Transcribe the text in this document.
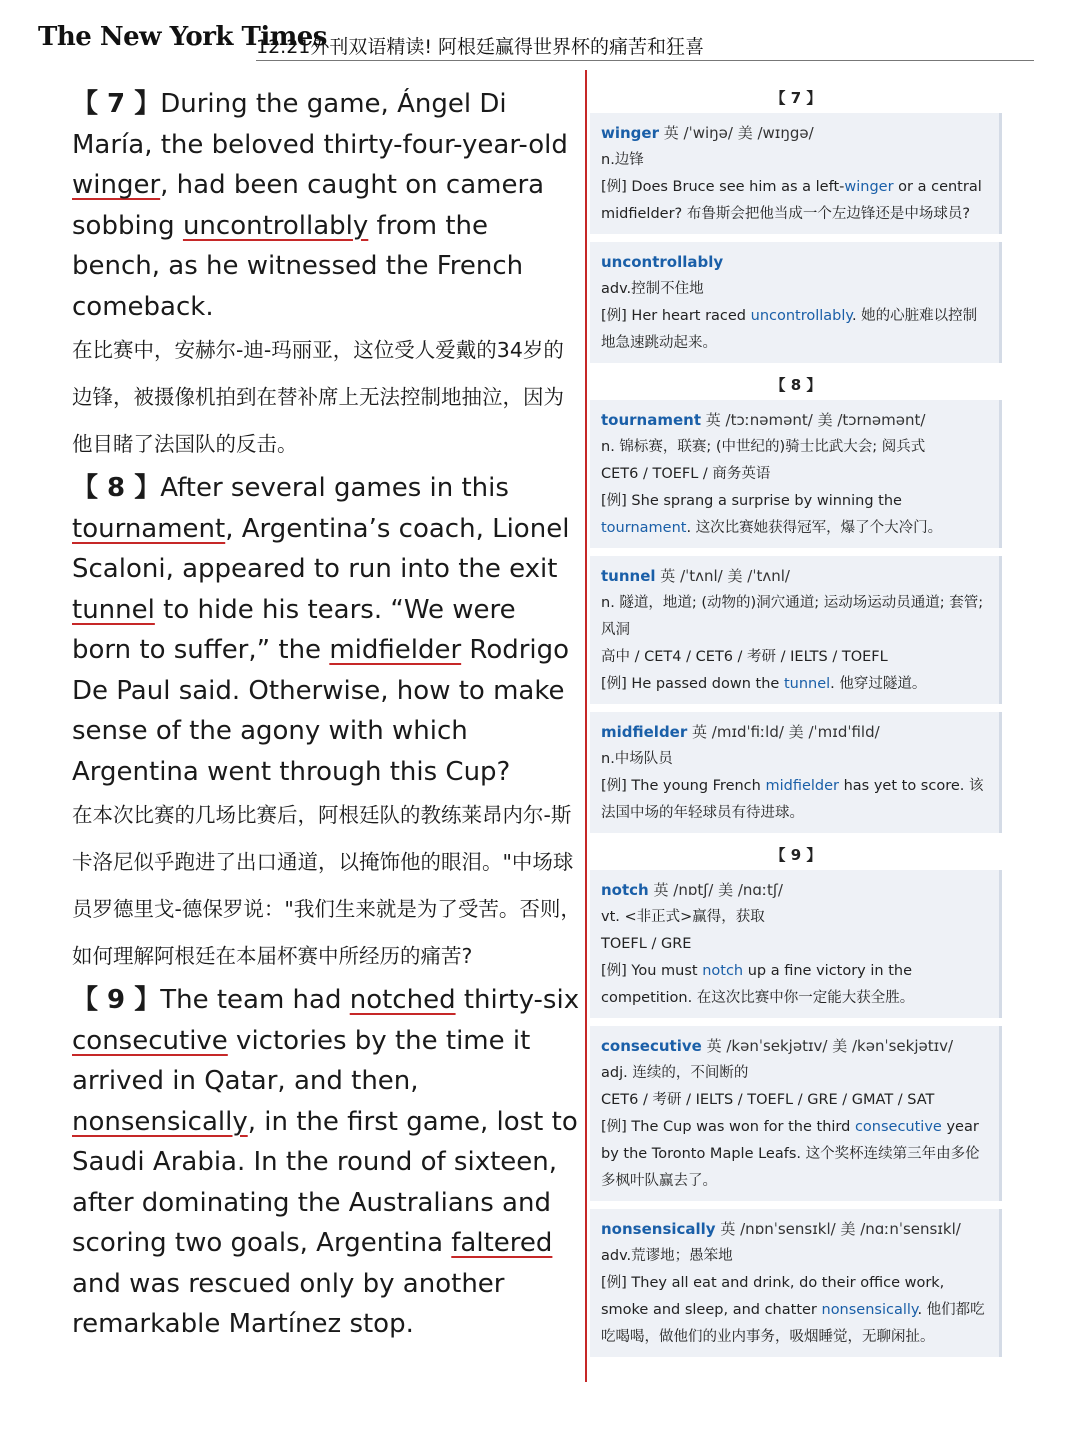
The New York Times
12.21外刊双语精读! 阿根廷赢得世界杯的痛苦和狂喜
【 7 】During the game, Ángel Di María, the beloved thirty-four-year-old winger, had been caught on camera sobbing uncontrollably from the bench, as he witnessed the French comeback.
在比赛中，安赫尔-迪-玛丽亚，这位受人爱戴的34岁的边锋，被摄像机拍到在替补席上无法控制地抽泣，因为他目睹了法国队的反击。
【 8 】After several games in this tournament, Argentina’s coach, Lionel Scaloni, appeared to run into the exit tunnel to hide his tears. “We were born to suffer,” the midfielder Rodrigo De Paul said. Otherwise, how to make sense of the agony with which Argentina went through this Cup?
在本次比赛的几场比赛后，阿根廷队的教练莱昂内尔-斯卡洛尼似乎跑进了出口通道，以掩饰他的眼泪。"中场球员罗德里戈-德保罗说："我们生来就是为了受苦。否则，如何理解阿根廷在本届杯赛中所经历的痛苦?
【 9 】The team had notched thirty-six consecutive victories by the time it arrived in Qatar, and then, nonsensically, in the first game, lost to Saudi Arabia. In the round of sixteen, after dominating the Australians and scoring two goals, Argentina faltered and was rescued only by another remarkable Martínez stop.
【 7 】
winger 英 /ˈwiŋə/ 美 /wɪŋgə/
n.边锋
[例] Does Bruce see him as a left-winger or a central midfielder? 布鲁斯会把他当成一个左边锋还是中场球员?
uncontrollably
adv.控制不住地
[例] Her heart raced uncontrollably. 她的心脏难以控制地急速跳动起来。
【 8 】
tournament 英 /tɔːnəmənt/ 美 /tɔrnəmənt/
n. 锦标赛，联赛; (中世纪的)骑士比武大会; 阅兵式
CET6 / TOEFL / 商务英语
[例] She sprang a surprise by winning the tournament. 这次比赛她获得冠军，爆了个大冷门。
tunnel 英 /ˈtʌnl/ 美 /ˈtʌnl/
n. 隧道，地道; (动物的)洞穴通道; 运动场运动员通道; 套管; 风洞
高中 / CET4 / CET6 / 考研 / IELTS / TOEFL
[例] He passed down the tunnel. 他穿过隧道。
midfielder 英 /mɪdˈfiːld/ 美 /ˈmɪdˈfild/
n.中场队员
[例] The young French midfielder has yet to score. 该法国中场的年轻球员有待进球。
【 9 】
notch 英 /nɒtʃ/ 美 /nɑːtʃ/
vt. <非正式>赢得，获取
TOEFL / GRE
[例] You must notch up a fine victory in the competition. 在这次比赛中你一定能大获全胜。
consecutive 英 /kənˈsekjətɪv/ 美 /kənˈsekjətɪv/
adj. 连续的，不间断的
CET6 / 考研 / IELTS / TOEFL / GRE / GMAT / SAT
[例] The Cup was won for the third consecutive year by the Toronto Maple Leafs. 这个奖杯连续第三年由多伦多枫叶队赢去了。
nonsensically 英 /nɒnˈsensɪkl/ 美 /nɑːnˈsensɪkl/
adv.荒谬地；愚笨地
[例] They all eat and drink, do their office work, smoke and sleep, and chatter nonsensically. 他们都吃吃喝喝，做他们的业内事务，吸烟睡觉，无聊闲扯。
